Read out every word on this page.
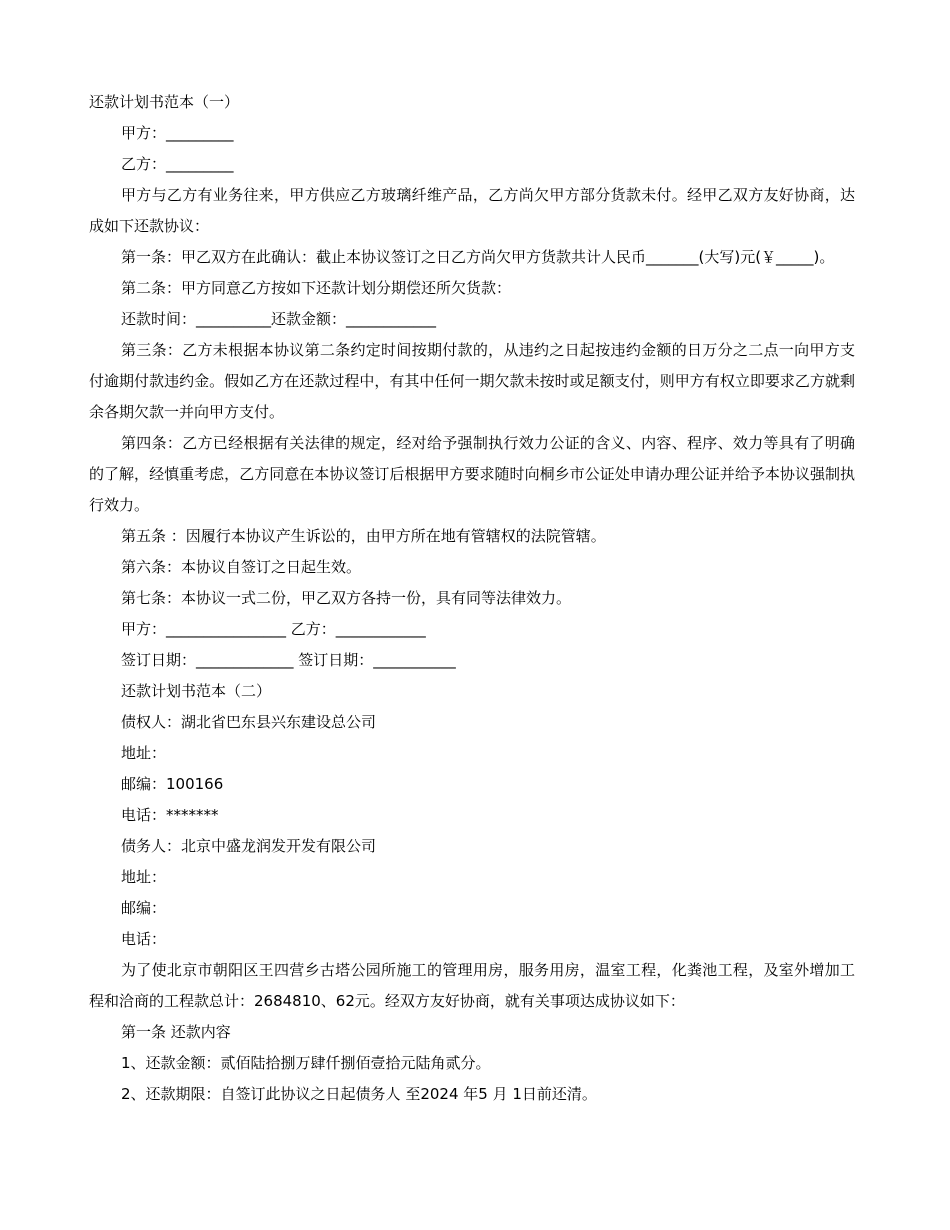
还款计划书范本（一）

甲方：_________

乙方：_________

甲方与乙方有业务往来，甲方供应乙方玻璃纤维产品，乙方尚欠甲方部分货款未付。经甲乙双方友好协商，达成如下还款协议：

第一条：甲乙双方在此确认：截止本协议签订之日乙方尚欠甲方货款共计人民币_______(大写)元(￥_____)。

第二条：甲方同意乙方按如下还款计划分期偿还所欠货款：

还款时间：__________还款金额：____________

第三条：乙方未根据本协议第二条约定时间按期付款的，从违约之日起按违约金额的日万分之二点一向甲方支付逾期付款违约金。假如乙方在还款过程中，有其中任何一期欠款未按时或足额支付，则甲方有权立即要求乙方就剩余各期欠款一并向甲方支付。

第四条：乙方已经根据有关法律的规定，经对给予强制执行效力公证的含义、内容、程序、效力等具有了明确的了解，经慎重考虑，乙方同意在本协议签订后根据甲方要求随时向桐乡市公证处申请办理公证并给予本协议强制执行效力。

第五条 ：因履行本协议产生诉讼的，由甲方所在地有管辖权的法院管辖。

第六条：本协议自签订之日起生效。

第七条：本协议一式二份，甲乙双方各持一份，具有同等法律效力。

甲方：________________ 乙方：____________

签订日期：_____________ 签订日期：___________

还款计划书范本（二）

债权人：湖北省巴东县兴东建设总公司

地址：

邮编：100166

电话：*******

债务人：北京中盛龙润发开发有限公司

地址：

邮编：

电话：

为了使北京市朝阳区王四营乡古塔公园所施工的管理用房，服务用房，温室工程，化粪池工程，及室外增加工程和洽商的工程款总计：2684810、62元。经双方友好协商，就有关事项达成协议如下：

第一条 还款内容

1、还款金额：贰佰陆拾捌万肆仟捌佰壹拾元陆角贰分。

2、还款期限：自签订此协议之日起债务人 至2024 年5 月 1日前还清。
